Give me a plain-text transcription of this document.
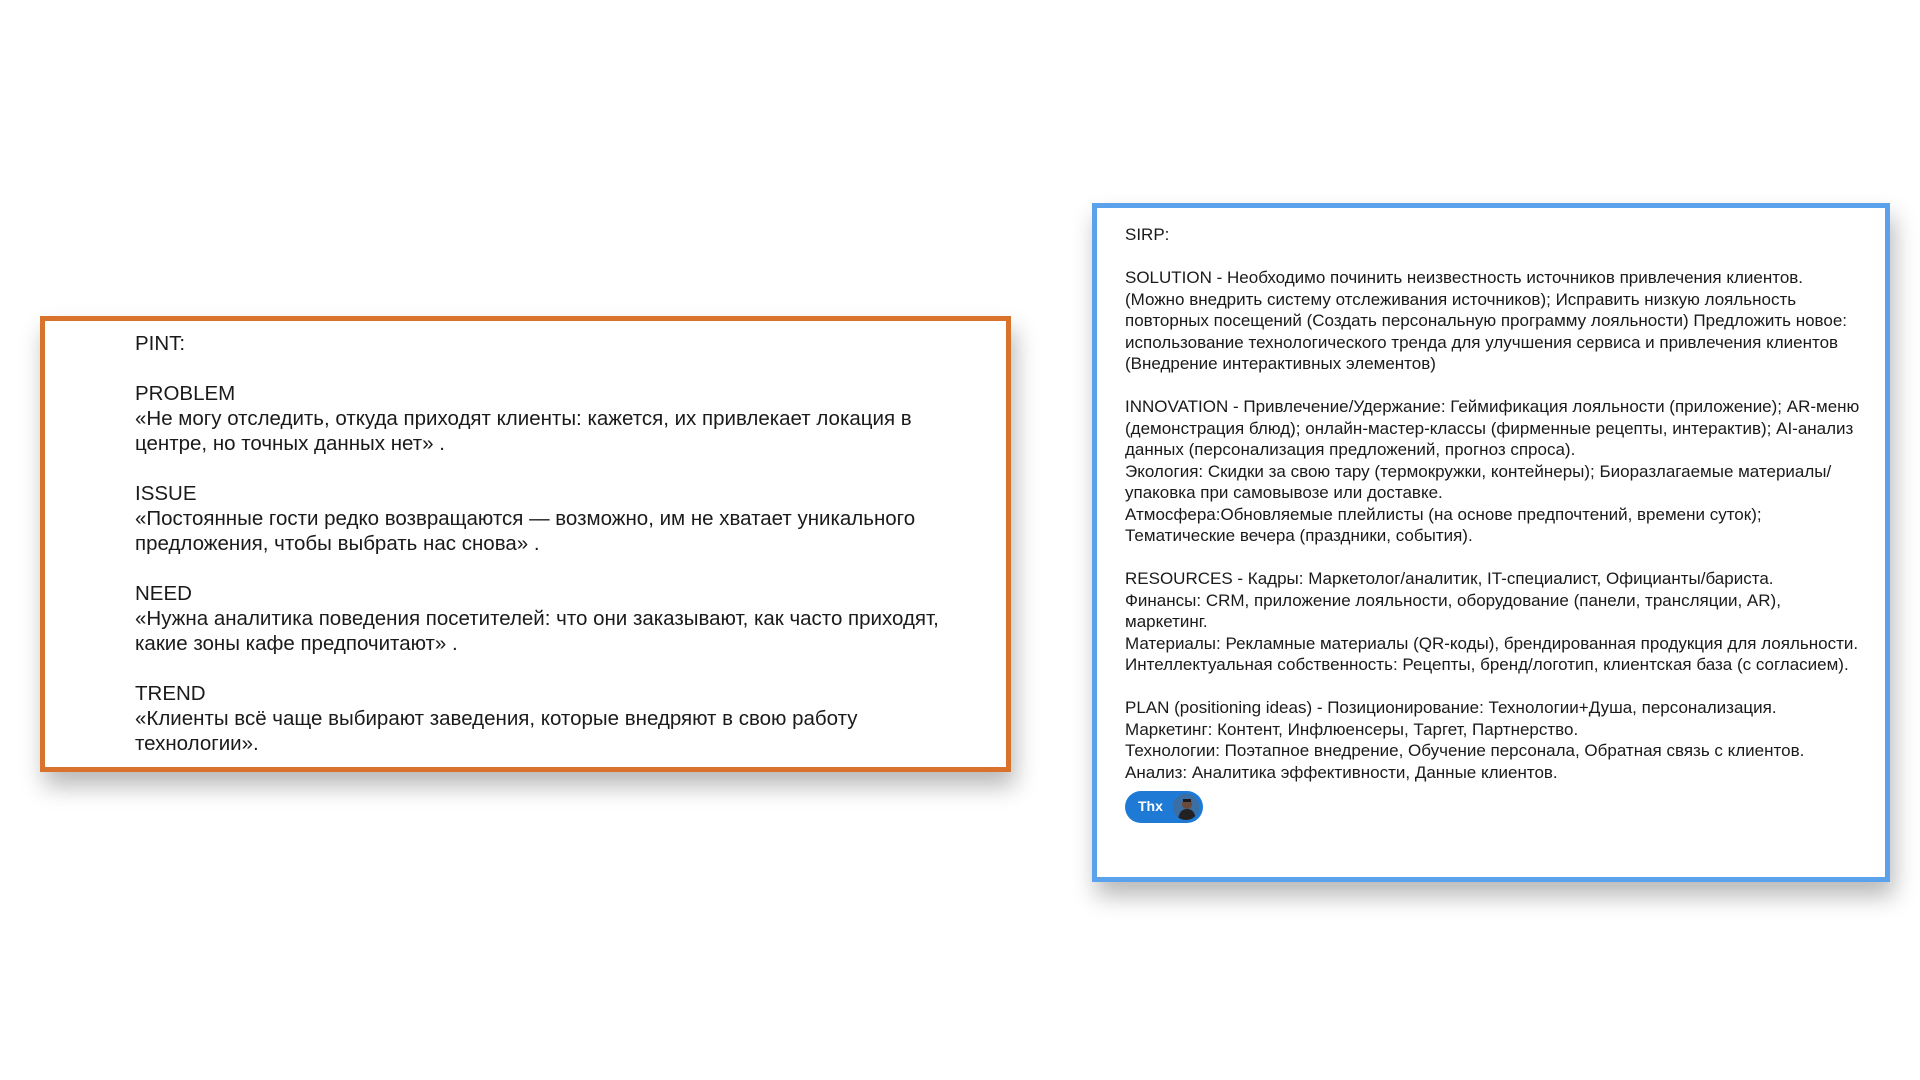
PINT:
PROBLEM
«Не могу отследить, откуда приходят клиенты: кажется, их привлекает локация в центре, но точных данных нет» .
ISSUE
«Постоянные гости редко возвращаются — возможно, им не хватает уникального предложения, чтобы выбрать нас снова» .
NEED
«Нужна аналитика поведения посетителей: что они заказывают, как часто приходят, какие зоны кафе предпочитают» .
TREND
«Клиенты всё чаще выбирают заведения, которые внедряют в свою работу технологии».
SIRP:
SOLUTION - Необходимо починить неизвестность источников привлечения клиентов. (Можно внедрить систему отслеживания источников); Исправить низкую лояльность повторных посещений (Создать персональную программу лояльности) Предложить новое: использование технологического тренда для улучшения сервиса и привлечения клиентов (Внедрение интерактивных элементов)
INNOVATION - Привлечение/Удержание: Геймификация лояльности (приложение); AR-меню (демонстрация блюд); онлайн-мастер-классы (фирменные рецепты, интерактив); AI-анализ данных (персонализация предложений, прогноз спроса).
Экология: Скидки за свою тару (термокружки, контейнеры); Биоразлагаемые материалы/упаковка при самовывозе или доставке.
Атмосфера:Обновляемые плейлисты (на основе предпочтений, времени суток); Тематические вечера (праздники, события).
RESOURCES - Кадры: Маркетолог/аналитик, IT-специалист, Официанты/бариста.
Финансы: CRM, приложение лояльности, оборудование (панели, трансляции, AR), маркетинг.
Материалы: Рекламные материалы (QR-коды), брендированная продукция для лояльности.
Интеллектуальная собственность: Рецепты, бренд/логотип, клиентская база (с согласием).
PLAN (positioning ideas) - Позиционирование: Технологии+Душа, персонализация.
Маркетинг: Контент, Инфлюенсеры, Таргет, Партнерство.
Технологии: Поэтапное внедрение, Обучение персонала, Обратная связь с клиентов.
Анализ: Аналитика эффективности, Данные клиентов.
Thx
